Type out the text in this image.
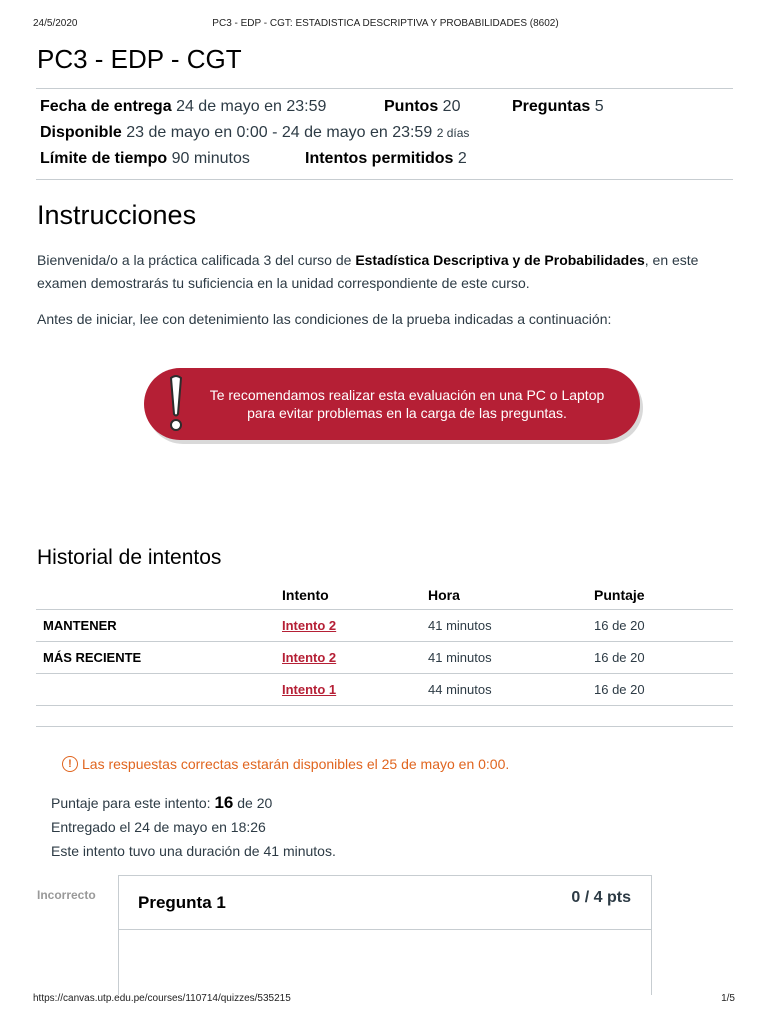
24/5/2020	PC3 - EDP - CGT: ESTADISTICA DESCRIPTIVA Y PROBABILIDADES (8602)
PC3 - EDP - CGT
Fecha de entrega 24 de mayo en 23:59	Puntos 20	Preguntas 5
Disponible 23 de mayo en 0:00 - 24 de mayo en 23:59 2 días
Límite de tiempo 90 minutos	Intentos permitidos 2
Instrucciones

Bienvenida/o a la práctica calificada 3 del curso de Estadística Descriptiva y de Probabilidades, en este examen demostrarás tu suficiencia en la unidad correspondiente de este curso.

Antes de iniciar, lee con detenimiento las condiciones de la prueba indicadas a continuación:

Te recomendamos realizar esta evaluación en una PC o Laptop
para evitar problemas en la carga de las preguntas.
Historial de intentos
	Intento	Hora	Puntaje
MANTENER	Intento 2	41 minutos	16 de 20
MÁS RECIENTE	Intento 2	41 minutos	16 de 20
	Intento 1	44 minutos	16 de 20
! Las respuestas correctas estarán disponibles el 25 de mayo en 0:00.
Puntaje para este intento: 16 de 20
Entregado el 24 de mayo en 18:26
Este intento tuvo una duración de 41 minutos.
Incorrecto Pregunta 1	0 / 4 pts
https://canvas.utp.edu.pe/courses/110714/quizzes/535215	1/5
